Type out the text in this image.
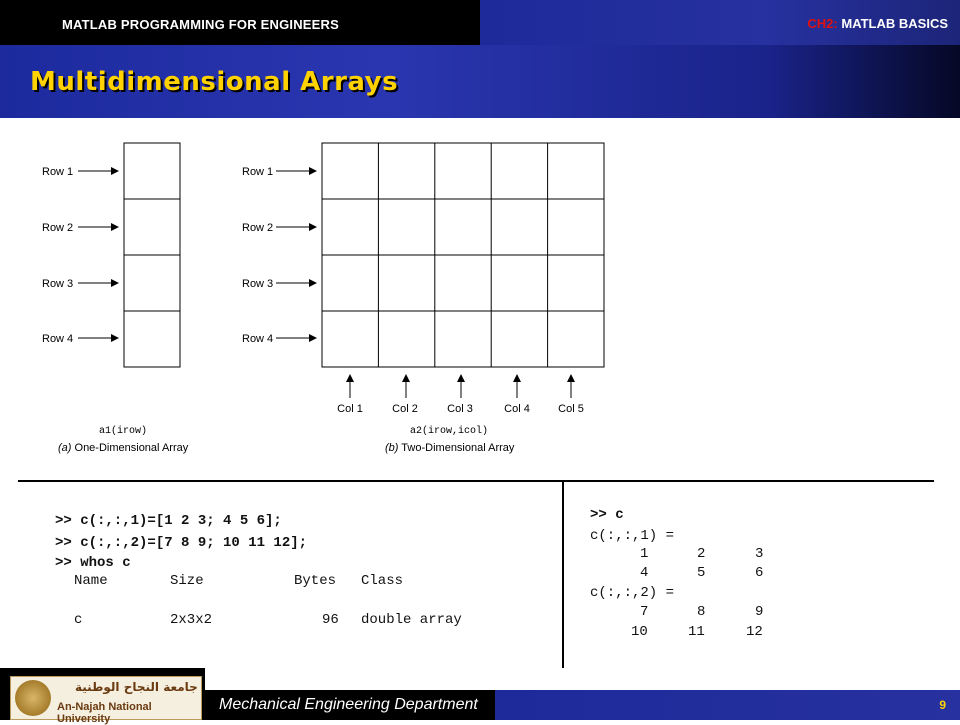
MATLAB PROGRAMMING FOR ENGINEERS	CH2: MATLAB BASICS
Multidimensional Arrays
Row 1
Row 2
Row 3
Row 4
a1(irow)
(a) One-Dimensional Array
Row 1
Row 2
Row 3
Row 4
Col 1	Col 2	Col 3	Col 4	Col 5
a2(irow,icol)
(b) Two-Dimensional Array
>> c(:,:,1)=[1 2 3; 4 5 6];
>> c(:,:,2)=[7 8 9; 10 11 12];
>> whos c
Name	Size	Bytes Class
c	2x3x2	96 double array
>> c
c(:,:,1) =
1	2	3
4	5	6
c(:,:,2) =
7	8	9
10	11	12
جامعة النجاح الوطنية
An-Najah National University
Mechanical Engineering Department	9
